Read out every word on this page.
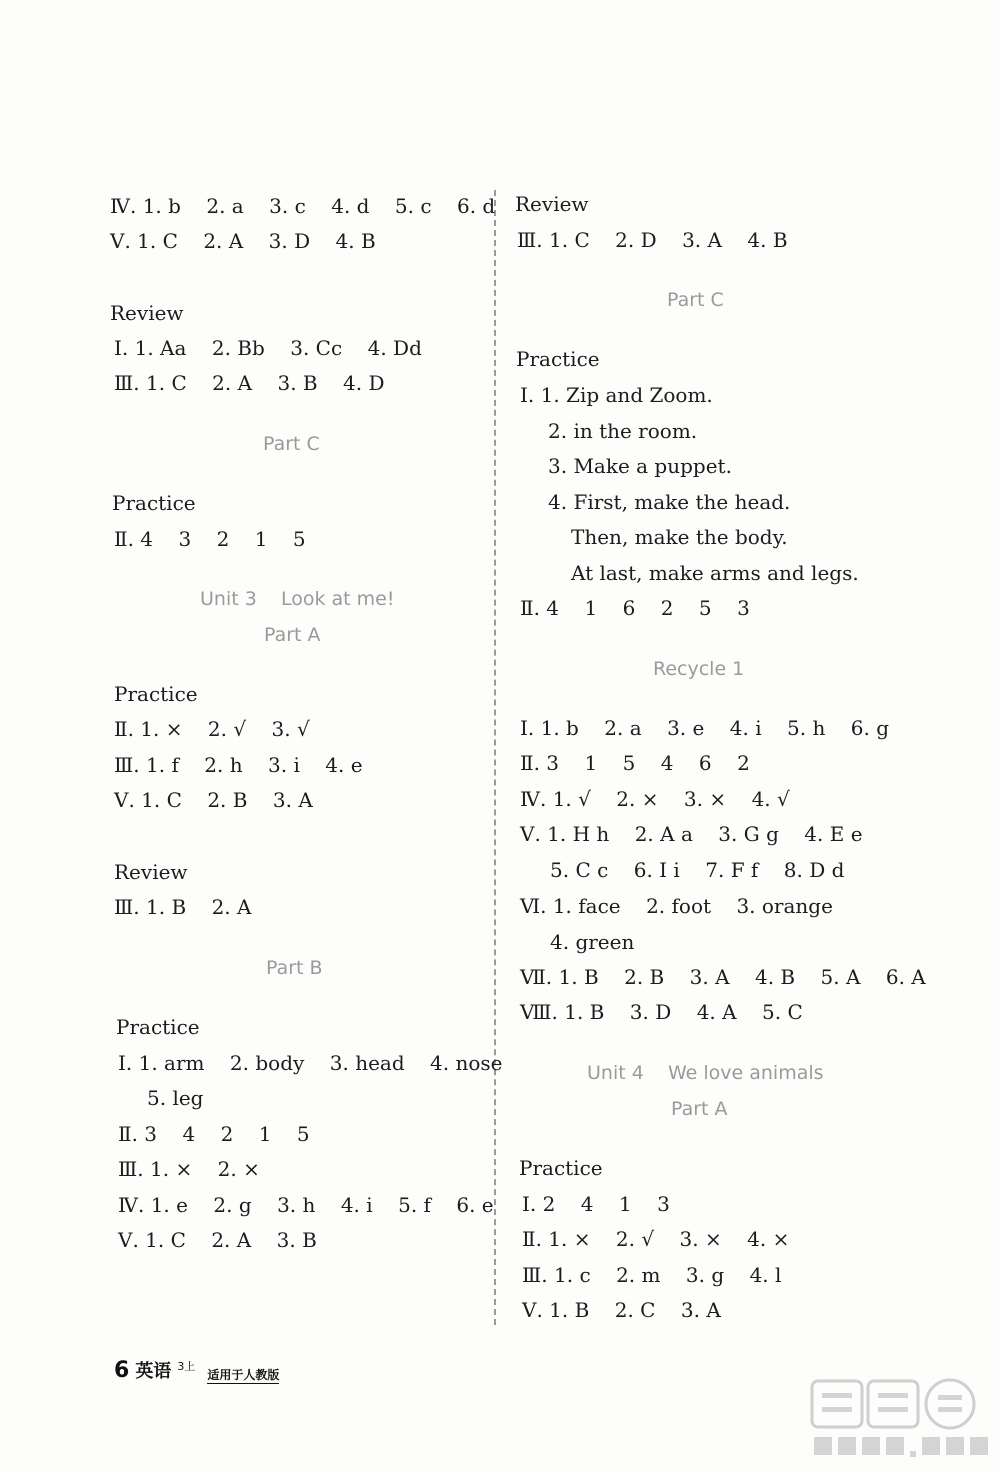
Ⅳ. 1. b    2. a    3. c    4. d    5. c    6. d
Ⅴ. 1. C    2. A    3. D    4. B
Review
Ⅰ. 1. Aa    2. Bb    3. Cc    4. Dd
Ⅲ. 1. C    2. A    3. B    4. D
Part C
Practice
Ⅱ. 4    3    2    1    5
Unit 3    Look at me!
Part A
Practice
Ⅱ. 1. ×    2. √    3. √
Ⅲ. 1. f    2. h    3. i    4. e
Ⅴ. 1. C    2. B    3. A
Review
Ⅲ. 1. B    2. A
Part B
Practice
Ⅰ. 1. arm    2. body    3. head    4. nose
5. leg
Ⅱ. 3    4    2    1    5
Ⅲ. 1. ×    2. ×
Ⅳ. 1. e    2. g    3. h    4. i    5. f    6. e
Ⅴ. 1. C    2. A    3. B
Review
Ⅲ. 1. C    2. D    3. A    4. B
Part C
Practice
Ⅰ. 1. Zip and Zoom.
2. in the room.
3. Make a puppet.
4. First, make the head.
Then, make the body.
At last, make arms and legs.
Ⅱ. 4    1    6    2    5    3
Recycle 1
Ⅰ. 1. b    2. a    3. e    4. i    5. h    6. g
Ⅱ. 3    1    5    4    6    2
Ⅳ. 1. √    2. ×    3. ×    4. √
Ⅴ. 1. H h    2. A a    3. G g    4. E e
5. C c    6. I i    7. F f    8. D d
Ⅵ. 1. face    2. foot    3. orange
4. green
Ⅶ. 1. B    2. B    3. A    4. B    5. A    6. A
Ⅷ. 1. B    3. D    4. A    5. C
Unit 4    We love animals
Part A
Practice
Ⅰ. 2    4    1    3
Ⅱ. 1. ×    2. √    3. ×    4. ×
Ⅲ. 1. c    2. m    3. g    4. l
Ⅴ. 1. B    2. C    3. A
6 英语 3上
适用于人教版
